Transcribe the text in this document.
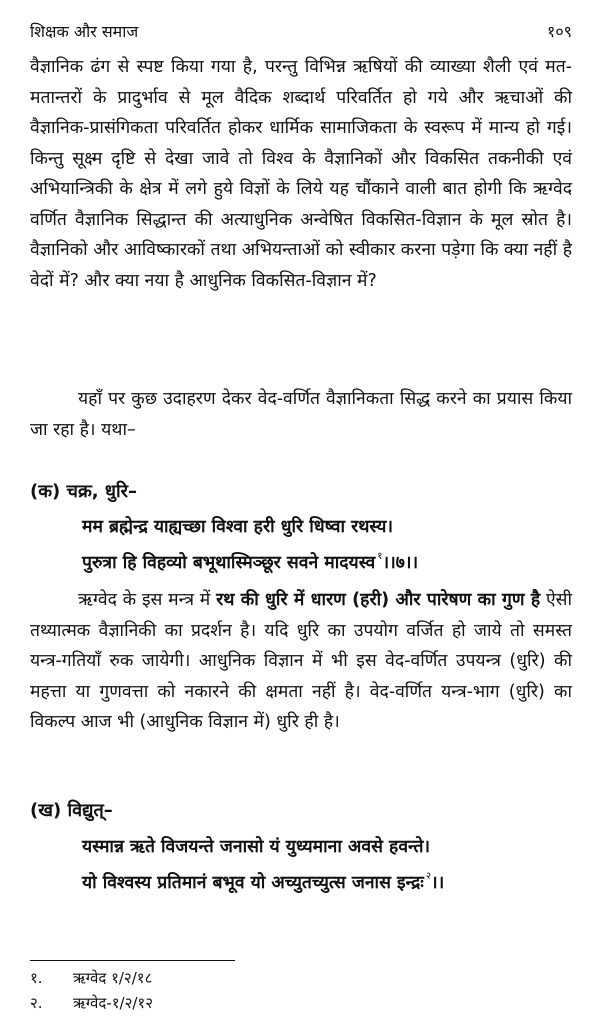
शिक्षक और समाज	१०९

वैज्ञानिक ढंग से स्पष्ट किया गया है, परन्तु विभिन्न ऋषियों की व्याख्या शैली एवं मत-मतान्तरों के प्रादुर्भाव से मूल वैदिक शब्दार्थ परिवर्तित हो गये और ऋचाओं की वैज्ञानिक-प्रासंगिकता परिवर्तित होकर धार्मिक सामाजिकता के स्वरूप में मान्य हो गई। किन्तु सूक्ष्म दृष्टि से देखा जावे तो विश्व के वैज्ञानिकों और विकसित तकनीकी एवं अभियान्त्रिकी के क्षेत्र में लगे हुये विज्ञों के लिये यह चौंकाने वाली बात होगी कि ऋग्वेद वर्णित वैज्ञानिक सिद्धान्त की अत्याधुनिक अन्वेषित विकसित-विज्ञान के मूल स्रोत है। वैज्ञानिको और आविष्कारकों तथा अभियन्ताओं को स्वीकार करना पड़ेगा कि क्या नहीं है वेदों में? और क्या नया है आधुनिक विकसित-विज्ञान में?

यहाँ पर कुछ उदाहरण देकर वेद-वर्णित वैज्ञानिकता सिद्ध करने का प्रयास किया जा रहा है। यथा–

(क) चक्र, धुरि–
मम ब्रह्मेन्द्र याह्यच्छा विश्वा हरी धुरि धिष्वा रथस्य।
पुरुत्रा हि विहव्यो बभूथास्मिञ्छूर सवने मादयस्व $^१$।।७।।

ऋग्वेद के इस मन्त्र में रथ की धुरि में धारण (हरी) और पारेषण का गुण है ऐसी तथ्यात्मक वैज्ञानिकी का प्रदर्शन है। यदि धुरि का उपयोग वर्जित हो जाये तो समस्त यन्त्र-गतियाँ रुक जायेगी। आधुनिक विज्ञान में भी इस वेद-वर्णित उपयन्त्र (धुरि) की महत्ता या गुणवत्ता को नकारने की क्षमता नहीं है। वेद-वर्णित यन्त्र-भाग (धुरि) का विकल्प आज भी (आधुनिक विज्ञान में) धुरि ही है।

(ख) विद्युत्–
यस्मान्न ऋते विजयन्ते जनासो यं युध्यमाना अवसे हवन्ते।
यो विश्वस्य प्रतिमानं बभूव यो अच्युतच्युत्स जनास इन्द्रः $^२$।।
१.	ऋग्वेद १/२/१८
२.	ऋग्वेद-१/२/१२
